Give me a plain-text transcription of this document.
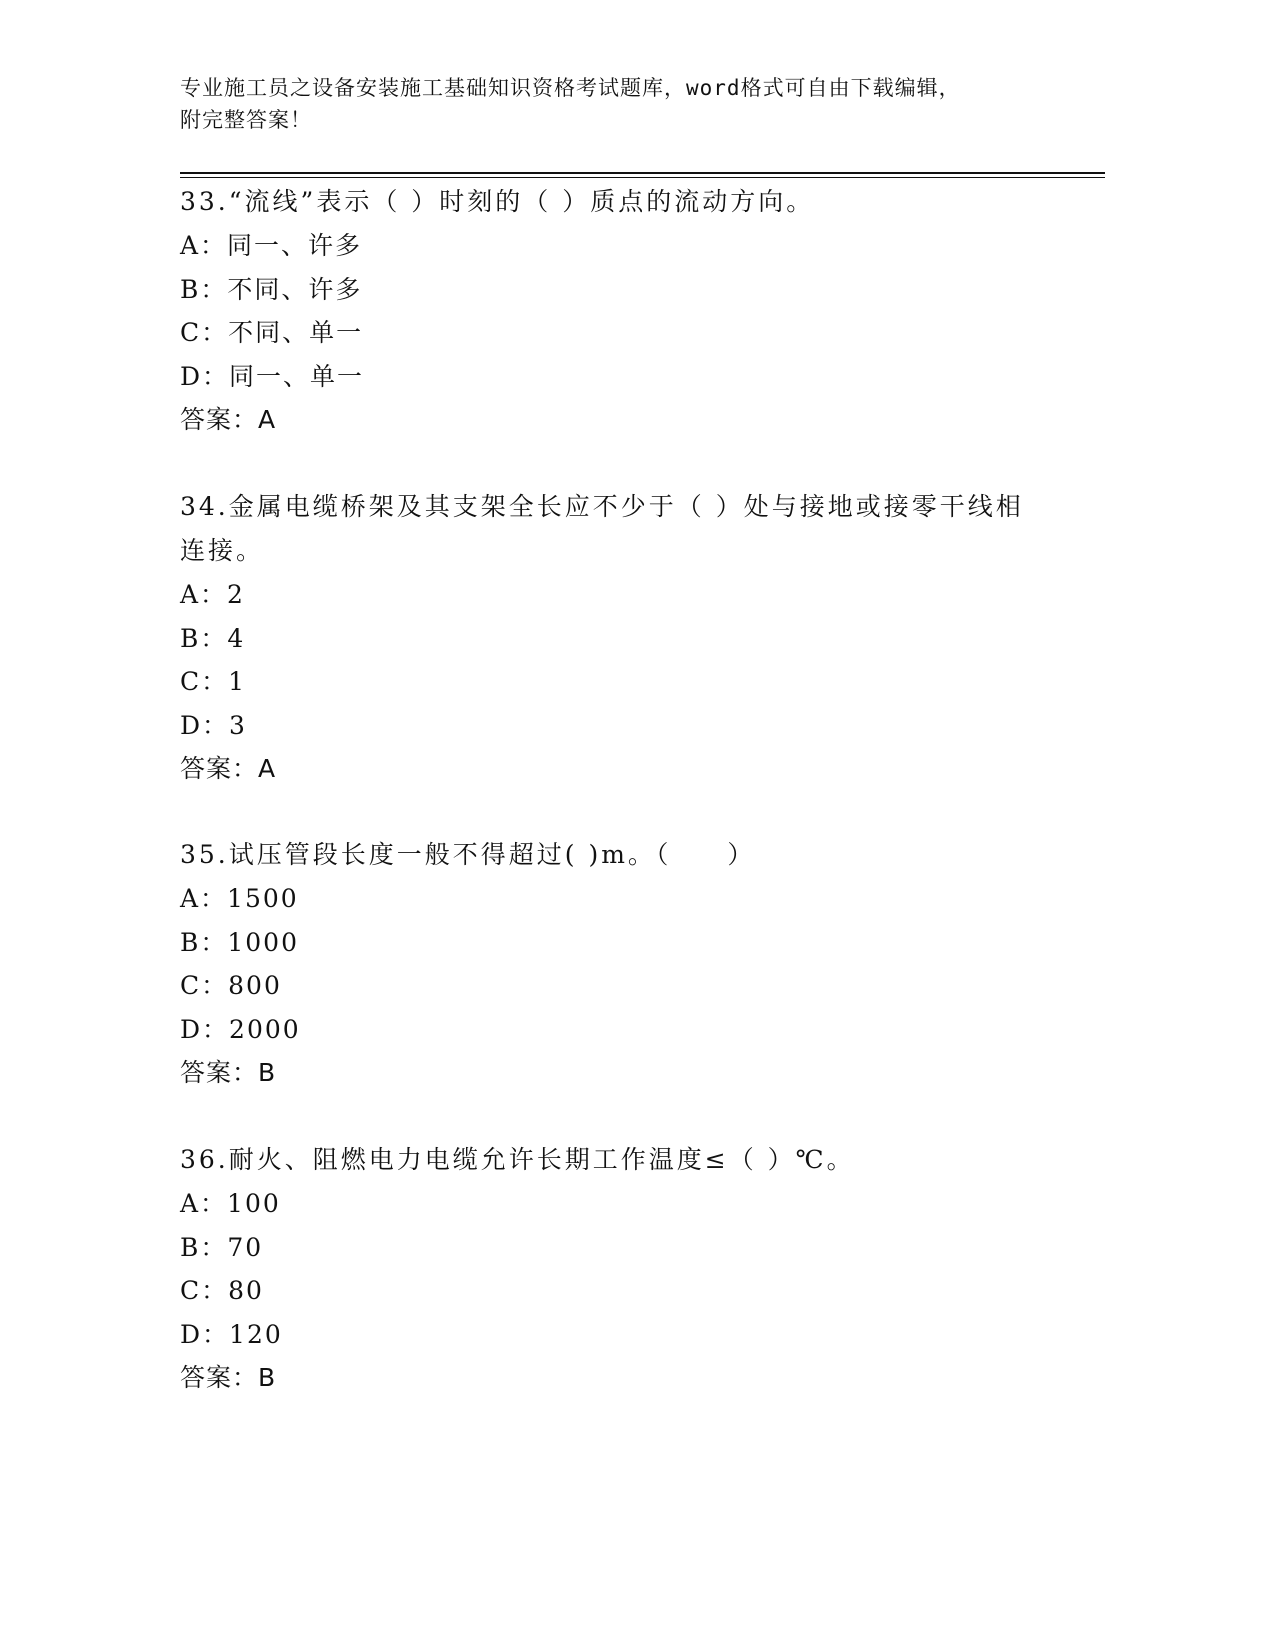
专业施工员之设备安装施工基础知识资格考试题库，word格式可自由下载编辑，
附完整答案！

33.“流线”表示（ ）时刻的（ ）质点的流动方向。

A：同一、许多

B：不同、许多

C：不同、单一

D：同一、单一

答案：A

34.金属电缆桥架及其支架全长应不少于（ ）处与接地或接零干线相

连接。

A：2

B：4

C：1

D：3

答案：A

35.试压管段长度一般不得超过( )m。（　　）

A：1500

B：1000

C：800

D：2000

答案：B

36.耐火、阻燃电力电缆允许长期工作温度≤（ ）℃。

A：100

B：70

C：80

D：120

答案：B
